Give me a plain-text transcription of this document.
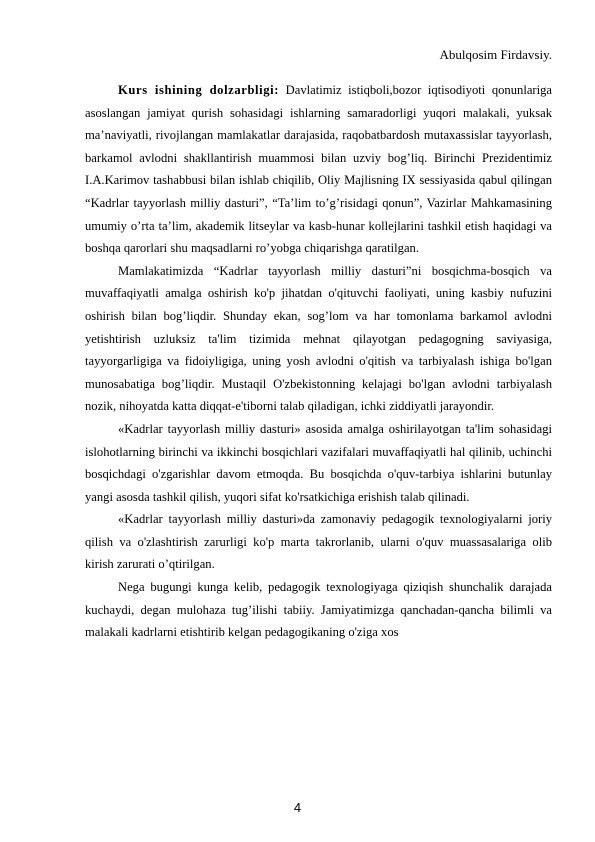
Abulqosim Firdavsiy.

Kurs ishining dolzarbligi: Davlatimiz istiqboli,bozor iqtisodiyoti qonunlariga asoslangan jamiyat qurish sohasidagi ishlarning samaradorligi yuqori malakali, yuksak ma’naviyatli, rivojlangan mamlakatlar darajasida, raqobatbardosh mutaxassislar tayyorlash, barkamol avlodni shakllantirish muammosi bilan uzviy bog’liq. Birinchi Prezidentimiz I.A.Karimov tashabbusi bilan ishlab chiqilib, Oliy Majlisning IX sessiyasida qabul qilingan “Kadrlar tayyorlash milliy dasturi”, “Ta’lim to’g’risidagi qonun”, Vazirlar Mahkamasining umumiy o’rta ta’lim, akademik litseylar va kasb-hunar kollejlarini tashkil etish haqidagi va boshqa qarorlari shu maqsadlarni ro’yobga chiqarishga qaratilgan.

Mamlakatimizda “Kadrlar tayyorlash milliy dasturi”ni bosqichma-bosqich va muvaffaqiyatli amalga oshirish ko'p jihatdan o'qituvchi faoliyati, uning kasbiy nufuzini oshirish bilan bog’liqdir. Shunday ekan, sog’lom va har tomonlama barkamol avlodni yetishtirish uzluksiz ta'lim tizimida mehnat qilayotgan pedagogning saviyasiga, tayyorgarligiga va fidoiyligiga, uning yosh avlodni o'qitish va tarbiyalash ishiga bo'lgan munosabatiga bog’liqdir. Mustaqil O'zbekistonning kelajagi bo'lgan avlodni tarbiyalash nozik, nihoyatda katta diqqat-e'tiborni talab qiladigan, ichki ziddiyatli jarayondir.

«Kadrlar tayyorlash milliy dasturi» asosida amalga oshirilayotgan ta'lim sohasidagi islohotlarning birinchi va ikkinchi bosqichlari vazifalari muvaffaqiyatli hal qilinib, uchinchi bosqichdagi o'zgarishlar davom etmoqda. Bu bosqichda o'quv-tarbiya ishlarini butunlay yangi asosda tashkil qilish, yuqori sifat ko'rsatkichiga erishish talab qilinadi.

«Kadrlar tayyorlash milliy dasturi»da zamonaviy pedagogik texnologiyalarni joriy qilish va o'zlashtirish zarurligi ko'p marta takrorlanib, ularni o'quv muassasalariga olib kirish zarurati o’qtirilgan.

Nega bugungi kunga kelib, pedagogik texnologiyaga qiziqish shunchalik darajada kuchaydi, degan mulohaza tug’ilishi tabiiy. Jamiyatimizga qanchadan-qancha bilimli va malakali kadrlarni etishtirib kelgan pedagogikaning o'ziga xos

4
